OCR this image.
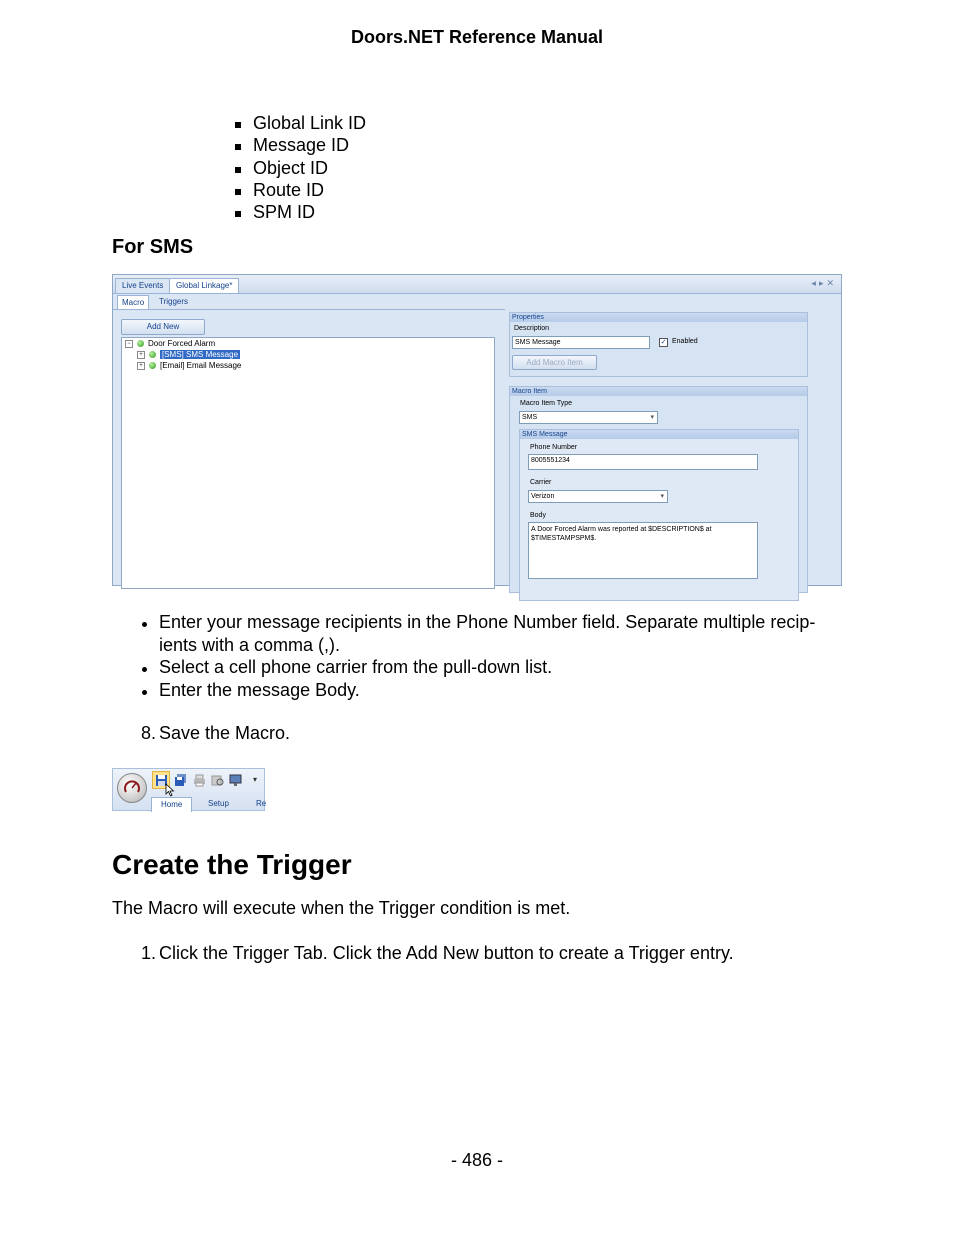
Doors.NET Reference Manual
Global Link ID
Message ID
Object ID
Route ID
SPM ID
For SMS
Live Events	Global Linkage*	◂▸✕
Macro	Triggers
Add New
− Door Forced Alarm
+ [SMS] SMS Message
+ [Email] Email Message
Properties
Description
SMS Message	✓ Enabled
Add Macro Item
Macro Item
Macro Item Type
SMS ▾
SMS Message
Phone Number
8005551234
Carrier
Verizon ▾
Body
A Door Forced Alarm was reported at $DESCRIPTION$ at $TIMESTAMPSPM$.
Enter your message recipients in the Phone Number field. Separate multiple recip-ients with a comma (,).
Select a cell phone carrier from the pull-down list.
Enter the message Body.
8. Save the Macro.
▾
Home	Setup	Re
Create the Trigger
The Macro will execute when the Trigger condition is met.
1. Click the Trigger Tab. Click the Add New button to create a Trigger entry.
- 486 -
